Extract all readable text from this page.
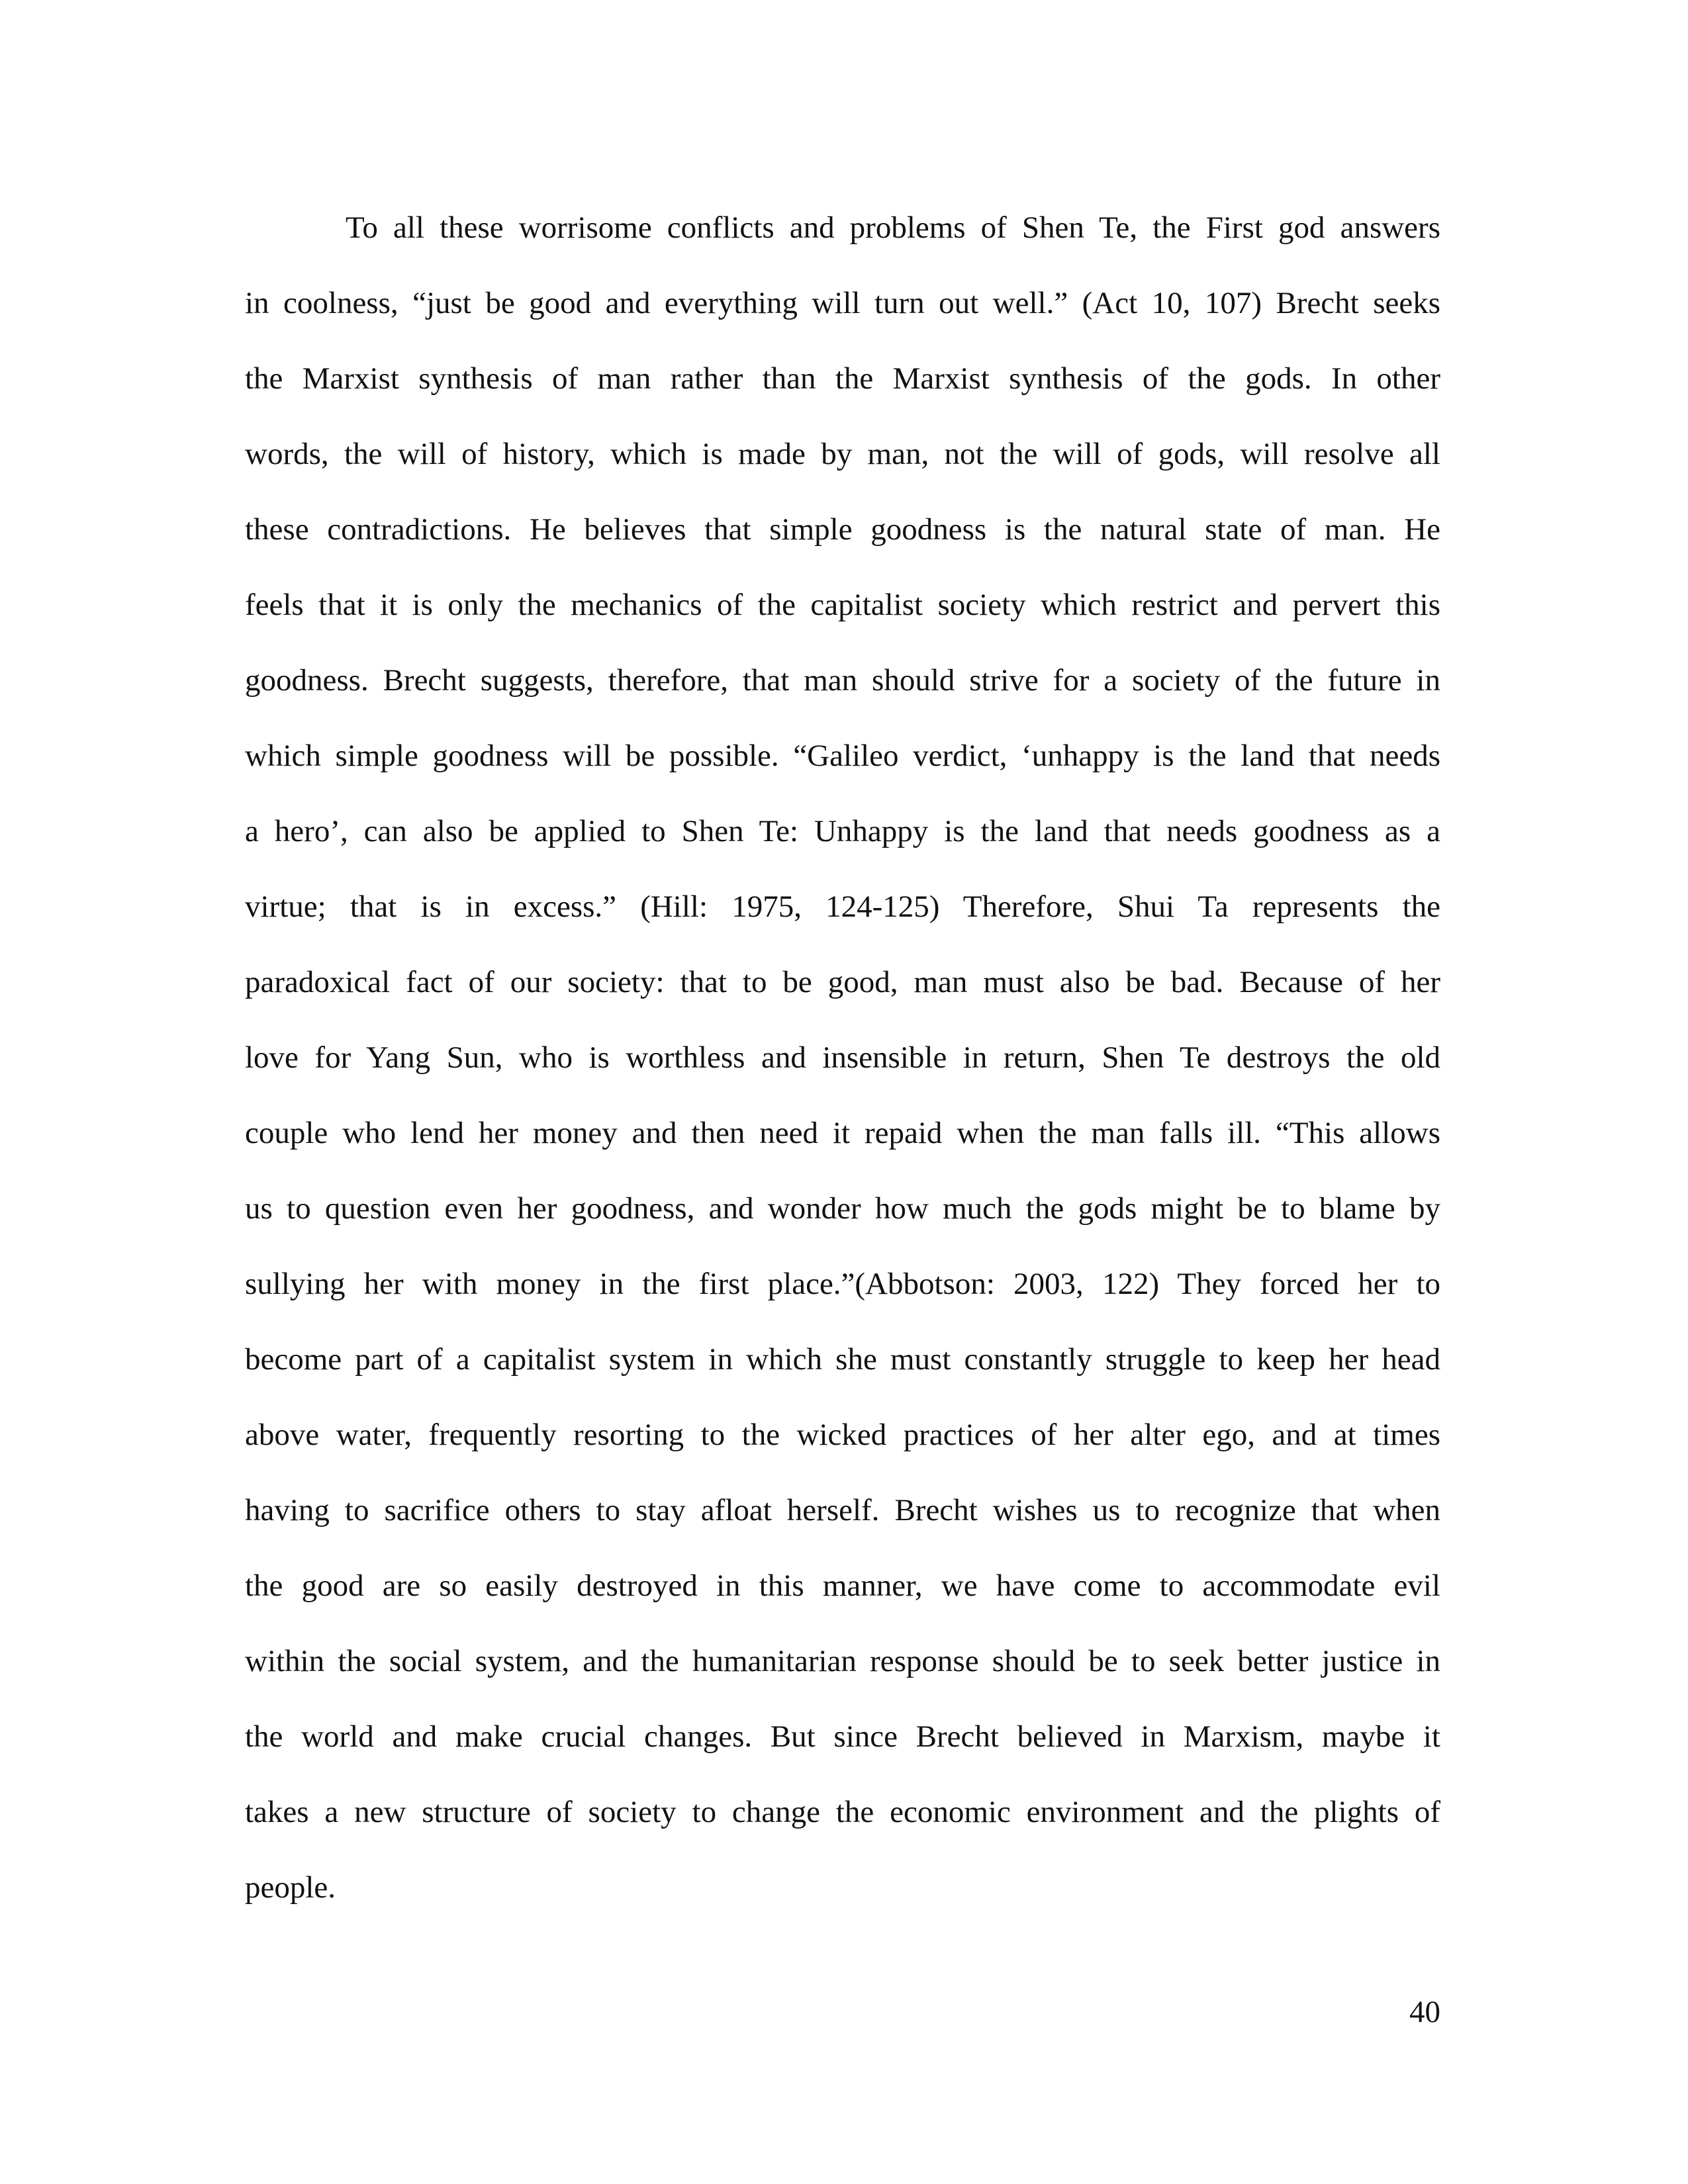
To all these worrisome conflicts and problems of Shen Te, the First god answers
in coolness, “just be good and everything will turn out well.” (Act 10, 107) Brecht seeks
the Marxist synthesis of man rather than the Marxist synthesis of the gods. In other
words, the will of history, which is made by man, not the will of gods, will resolve all
these contradictions. He believes that simple goodness is the natural state of man. He
feels that it is only the mechanics of the capitalist society which restrict and pervert this
goodness. Brecht suggests, therefore, that man should strive for a society of the future in
which simple goodness will be possible. “Galileo verdict, ‘unhappy is the land that needs
a hero’, can also be applied to Shen Te: Unhappy is the land that needs goodness as a
virtue; that is in excess.” (Hill: 1975, 124-125) Therefore, Shui Ta represents the
paradoxical fact of our society: that to be good, man must also be bad. Because of her
love for Yang Sun, who is worthless and insensible in return, Shen Te destroys the old
couple who lend her money and then need it repaid when the man falls ill. “This allows
us to question even her goodness, and wonder how much the gods might be to blame by
sullying her with money in the first place.”(Abbotson: 2003, 122) They forced her to
become part of a capitalist system in which she must constantly struggle to keep her head
above water, frequently resorting to the wicked practices of her alter ego, and at times
having to sacrifice others to stay afloat herself. Brecht wishes us to recognize that when
the good are so easily destroyed in this manner, we have come to accommodate evil
within the social system, and the humanitarian response should be to seek better justice in
the world and make crucial changes. But since Brecht believed in Marxism, maybe it
takes a new structure of society to change the economic environment and the plights of
people.
40
